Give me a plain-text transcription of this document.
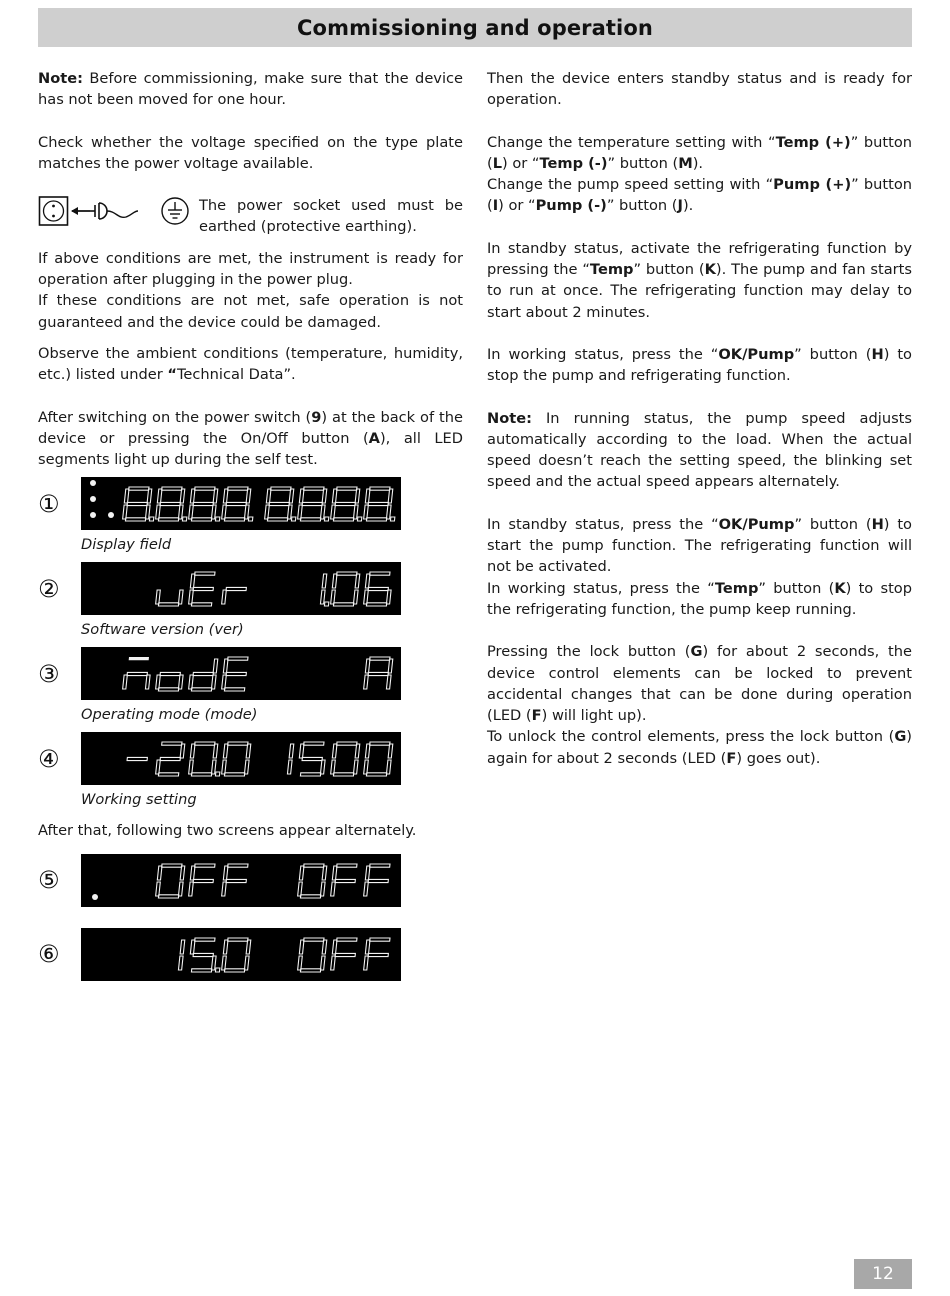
Commissioning and operation

Note: Before commissioning, make sure that the device has not been moved for one hour.

Check whether the voltage specified on the type plate matches the power voltage available.

The power socket used must be earthed (protective earthing).

If above conditions are met, the instrument is ready for operation after plugging in the power plug.

If these conditions are not met, safe operation is not guaranteed and the device could be damaged.

Observe the ambient conditions (temperature, humidity, etc.) listed under “Technical Data”.

After switching on the power switch (9) at the back of the device or pressing the On/Off button (A), all LED segments light up during the self test.

①
Display field
②
Software version (ver)
③
Operating mode (mode)
④
Working setting

After that, following two screens appear alternately.

⑤
⑥

Then the device enters standby status and is ready for operation.

Change the temperature setting with “Temp (+)” button (L) or “Temp (-)” button (M).

Change the pump speed setting with “Pump (+)” button (I) or “Pump (-)” button (J).

In standby status, activate the refrigerating function by pressing the “Temp” button (K). The pump and fan starts to run at once. The refrigerating function may delay to start about 2 minutes.

In working status, press the “OK/Pump” button (H) to stop the pump and refrigerating function.

Note: In running status, the pump speed adjusts automatically according to the load. When the actual speed doesn’t reach the setting speed, the blinking set speed and the actual speed appears alternately.

In standby status, press the “OK/Pump” button (H) to start the pump function. The refrigerating function will not be activated.

In working status, press the “Temp” button (K) to stop the refrigerating function, the pump keep running.

Pressing the lock button (G) for about 2 seconds, the device control elements can be locked to prevent accidental changes that can be done during operation (LED (F) will light up).

To unlock the control elements, press the lock button (G) again for about 2 seconds (LED (F) goes out).

12
